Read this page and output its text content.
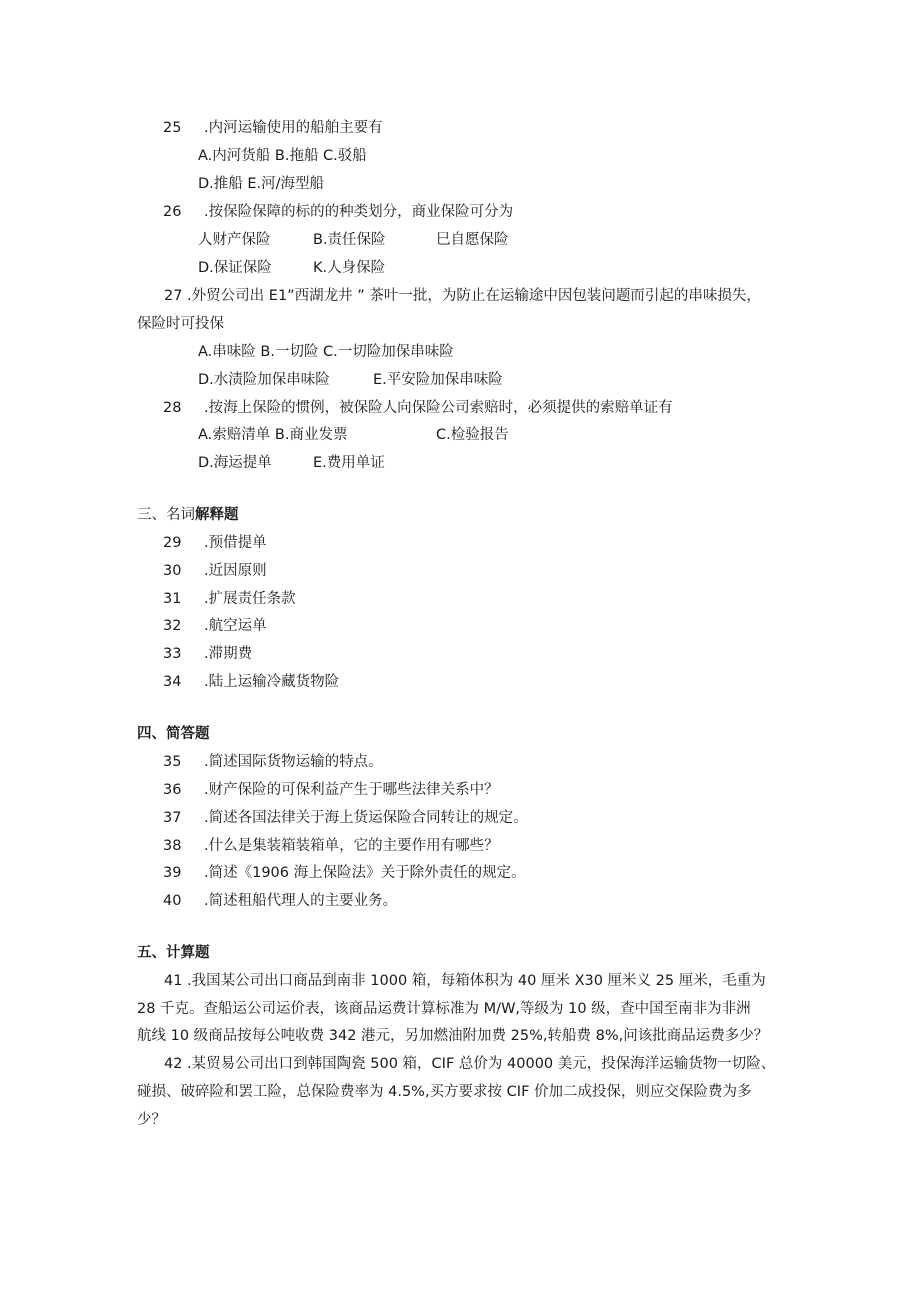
25 .内河运输使用的船舶主要有
A.内河货船 B.拖船 C.驳船
D.推船 E.河/海型船
26 .按保险保障的标的的种类划分，商业保险可分为
人财产保险	B.责任保险	巳自愿保险
D.保证保险	K.人身保险
27 .外贸公司出 E1”西湖龙井 ” 茶叶一批，为防止在运输途中因包装问题而引起的串味损失，
保险时可投保
A.串味险 B.一切险 C.一切险加保串味险
D.水渍险加保串味险	E.平安险加保串味险
28 .按海上保险的惯例，被保险人向保险公司索赔时，必须提供的索赔单证有
A.索赔清单 B.商业发票	C.检验报告
D.海运提单	E.费用单证
三、名词解释题
29 .预借提单
30 .近因原则
31 .扩展责任条款
32 .航空运单
33 .滞期费
34 .陆上运输冷藏货物险
四、简答题
35 .简述国际货物运输的特点。
36 .财产保险的可保利益产生于哪些法律关系中？
37 .简述各国法律关于海上货运保险合同转让的规定。
38 .什么是集装箱装箱单，它的主要作用有哪些？
39 .简述《1906 海上保险法》关于除外责任的规定。
40 .简述租船代理人的主要业务。
五、计算题
41 .我国某公司出口商品到南非 1000 箱，每箱体积为 40 厘米 X30 厘米义 25 厘米，毛重为
28 千克。查船运公司运价表，该商品运费计算标准为 M/W,等级为 10 级，查中国至南非为非洲
航线 10 级商品按每公吨收费 342 港元，另加燃油附加费 25%,转船费 8%,问该批商品运费多少？
42 .某贸易公司出口到韩国陶瓷 500 箱，CIF 总价为 40000 美元，投保海洋运输货物一切险、
碰损、破碎险和罢工险，总保险费率为 4.5%,买方要求按 CIF 价加二成投保，则应交保险费为多
少？
